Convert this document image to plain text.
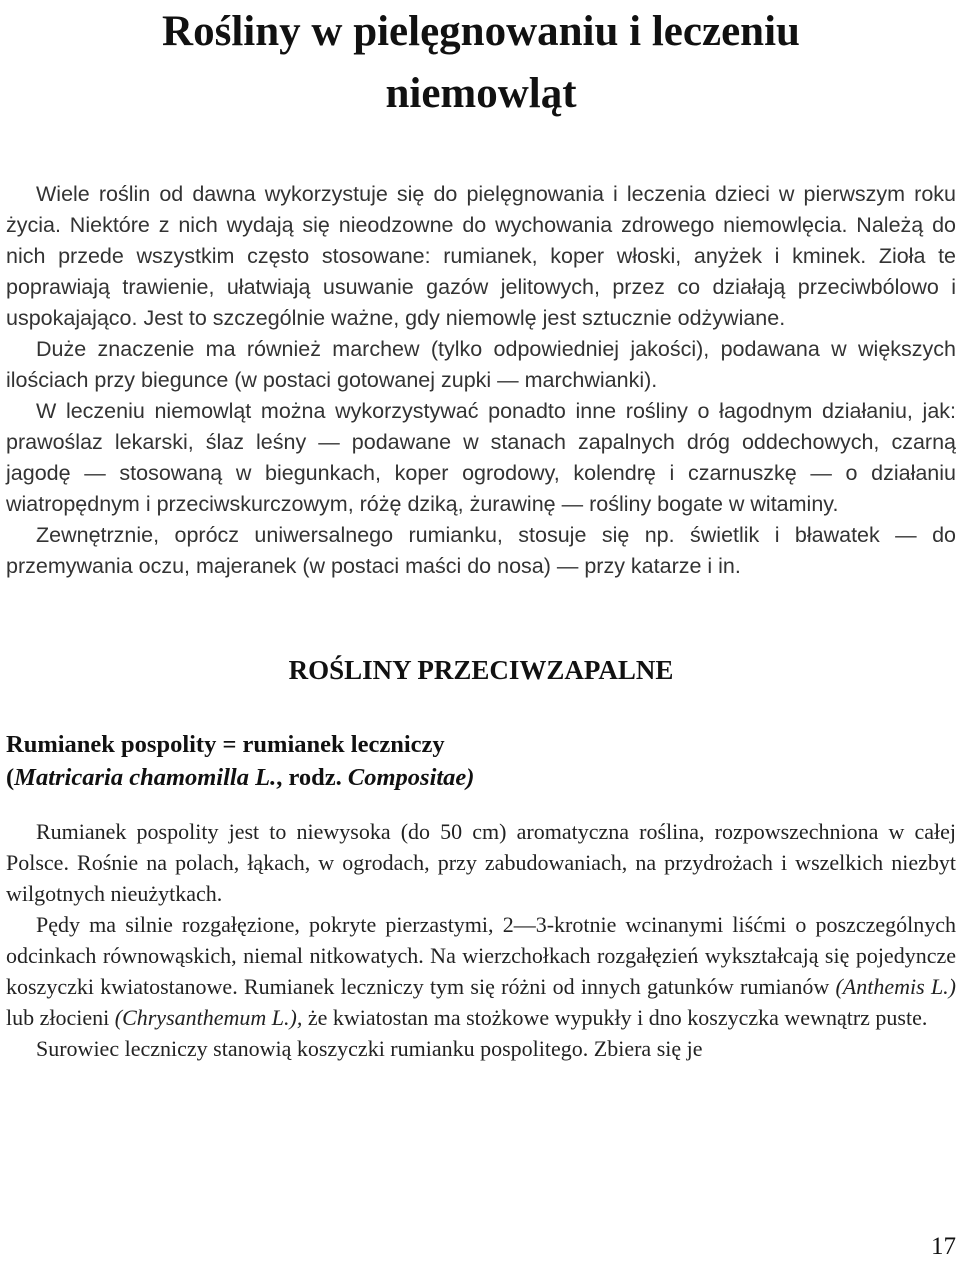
Rośliny w pielęgnowaniu i leczeniu
niemowląt

Wiele roślin od dawna wykorzystuje się do pielęgnowania i leczenia dzieci w pierwszym roku życia. Niektóre z nich wydają się nieodzowne do wychowania zdrowego niemowlęcia. Należą do nich przede wszystkim często stosowane: rumianek, koper włoski, anyżek i kminek. Zioła te poprawiają trawienie, ułatwiają usuwanie gazów jelitowych, przez co działają przeciwbólowo i uspokajająco. Jest to szczególnie ważne, gdy niemowlę jest sztucznie odżywiane.

Duże znaczenie ma również marchew (tylko odpowiedniej jakości), podawana w większych ilościach przy biegunce (w postaci gotowanej zupki — marchwianki).

W leczeniu niemowląt można wykorzystywać ponadto inne rośliny o łagodnym działaniu, jak: prawoślaz lekarski, ślaz leśny — podawane w stanach zapalnych dróg oddechowych, czarną jagodę — stosowaną w biegunkach, koper ogrodowy, kolendrę i czarnuszkę — o działaniu wiatropędnym i przeciwskurczowym, różę dziką, żurawinę — rośliny bogate w witaminy.

Zewnętrznie, oprócz uniwersalnego rumianku, stosuje się np. świetlik i bławatek — do przemywania oczu, majeranek (w postaci maści do nosa) — przy katarze i in.

ROŚLINY PRZECIWZAPALNE
Rumianek pospolity = rumianek leczniczy
(Matricaria chamomilla L., rodz. Compositae)

Rumianek pospolity jest to niewysoka (do 50 cm) aromatyczna roślina, rozpowszechniona w całej Polsce. Rośnie na polach, łąkach, w ogrodach, przy zabudowaniach, na przydrożach i wszelkich niezbyt wilgotnych nieużytkach.

Pędy ma silnie rozgałęzione, pokryte pierzastymi, 2—3-krotnie wcinanymi liśćmi o poszczególnych odcinkach równowąskich, niemal nitkowatych. Na wierzchołkach rozgałęzień wykształcają się pojedyncze koszyczki kwiatostanowe. Rumianek leczniczy tym się różni od innych gatunków rumianów (Anthemis L.) lub złocieni (Chrysanthemum L.), że kwiatostan ma stożkowe wypukły i dno koszyczka wewnątrz puste.

Surowiec leczniczy stanowią koszyczki rumianku pospolitego. Zbiera się je

17
